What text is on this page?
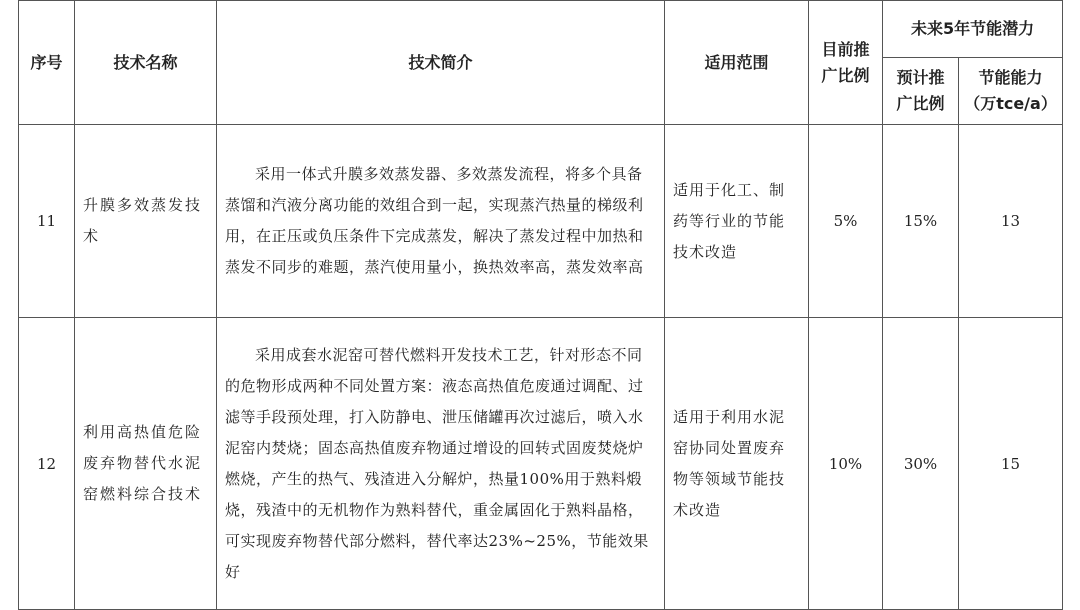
序号	技术名称	技术简介	适用范围	目前推广比例	未来5年节能潜力	
					预计推广比例	节能能力（万tce/a）
11	升膜多效蒸发技术	采用一体式升膜多效蒸发器、多效蒸发流程，将多个具备蒸馏和汽液分离功能的效组合到一起，实现蒸汽热量的梯级利用，在正压或负压条件下完成蒸发，解决了蒸发过程中加热和蒸发不同步的难题，蒸汽使用量小，换热效率高，蒸发效率高	适用于化工、制药等行业的节能技术改造	5%	15%	13
12	利用高热值危险废弃物替代水泥窑燃料综合技术	采用成套水泥窑可替代燃料开发技术工艺，针对形态不同的危物形成两种不同处置方案：液态高热值危废通过调配、过滤等手段预处理，打入防静电、泄压储罐再次过滤后，喷入水泥窑内焚烧；固态高热值废弃物通过增设的回转式固废焚烧炉燃烧，产生的热气、残渣进入分解炉，热量100%用于熟料煅烧，残渣中的无机物作为熟料替代，重金属固化于熟料晶格，可实现废弃物替代部分燃料，替代率达23%~25%，节能效果好	适用于利用水泥窑协同处置废弃物等领域节能技术改造	10%	30%	15
